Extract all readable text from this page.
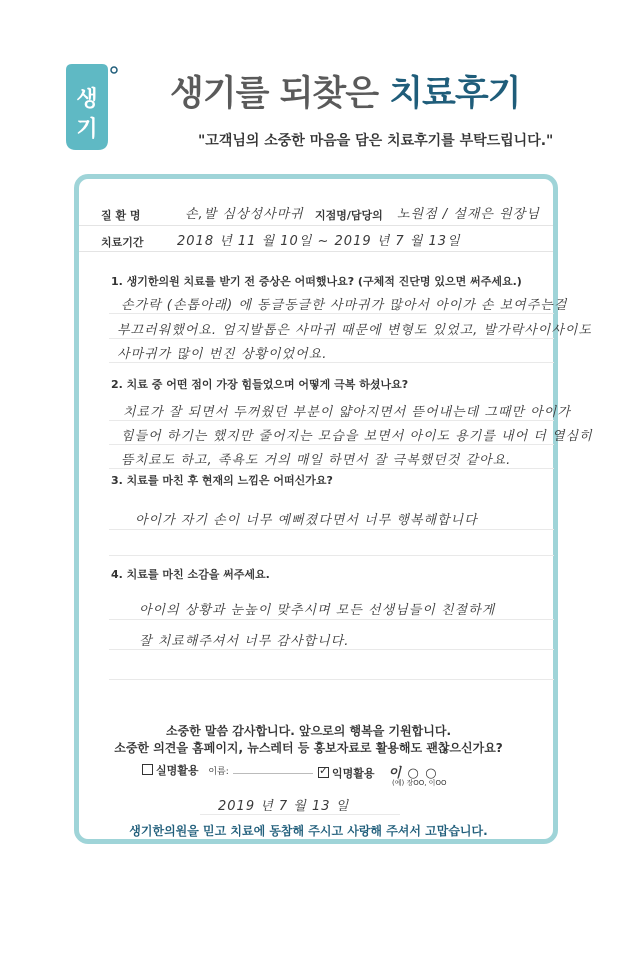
생
기
생기를 되찾은 치료후기
"고객님의 소중한 마음을 담은 치료후기를 부탁드립니다."
질 환 명	손,발 심상성사마귀 지점명/담당의 노원점 / 설재은 원장님
치료기간	2018 년 11 월 10일 ~ 2019 년 7 월 13일
1. 생기한의원 치료를 받기 전 증상은 어떠했나요? (구체적 진단명 있으면 써주세요.)
손가락 (손톱아래) 에 동글동글한 사마귀가 많아서 아이가 손 보여주는걸
부끄러워했어요. 엄지발톱은 사마귀 때문에 변형도 있었고, 발가락사이사이도
사마귀가 많이 번진 상황이었어요.
2. 치료 중 어떤 점이 가장 힘들었으며 어떻게 극복 하셨나요?
치료가 잘 되면서 두꺼웠던 부분이 얇아지면서 뜯어내는데 그때만 아이가
힘들어 하기는 했지만 줄어지는 모습을 보면서 아이도 용기를 내어 더 열심히
뜸치료도 하고, 족욕도 거의 매일 하면서 잘 극복했던것 같아요.
3. 치료를 마친 후 현재의 느낌은 어떠신가요?
아이가 자기 손이 너무 예뻐졌다면서 너무 행복해합니다
4. 치료를 마친 소감을 써주세요.
아이의 상황과 눈높이 맞추시며 모든 선생님들이 친절하게
잘 치료해주셔서 너무 감사합니다.
소중한 말씀 감사합니다. 앞으로의 행복을 기원합니다.
소중한 의견을 홈페이지, 뉴스레터 등 홍보자료로 활용해도 괜찮으신가요?
실명활용 이름:	✓ 익명활용 이 ○ ○
(예) 장OO, 이OO
2019 년 7 월 13 일
생기한의원을 믿고 치료에 동참해 주시고 사랑해 주셔서 고맙습니다.
